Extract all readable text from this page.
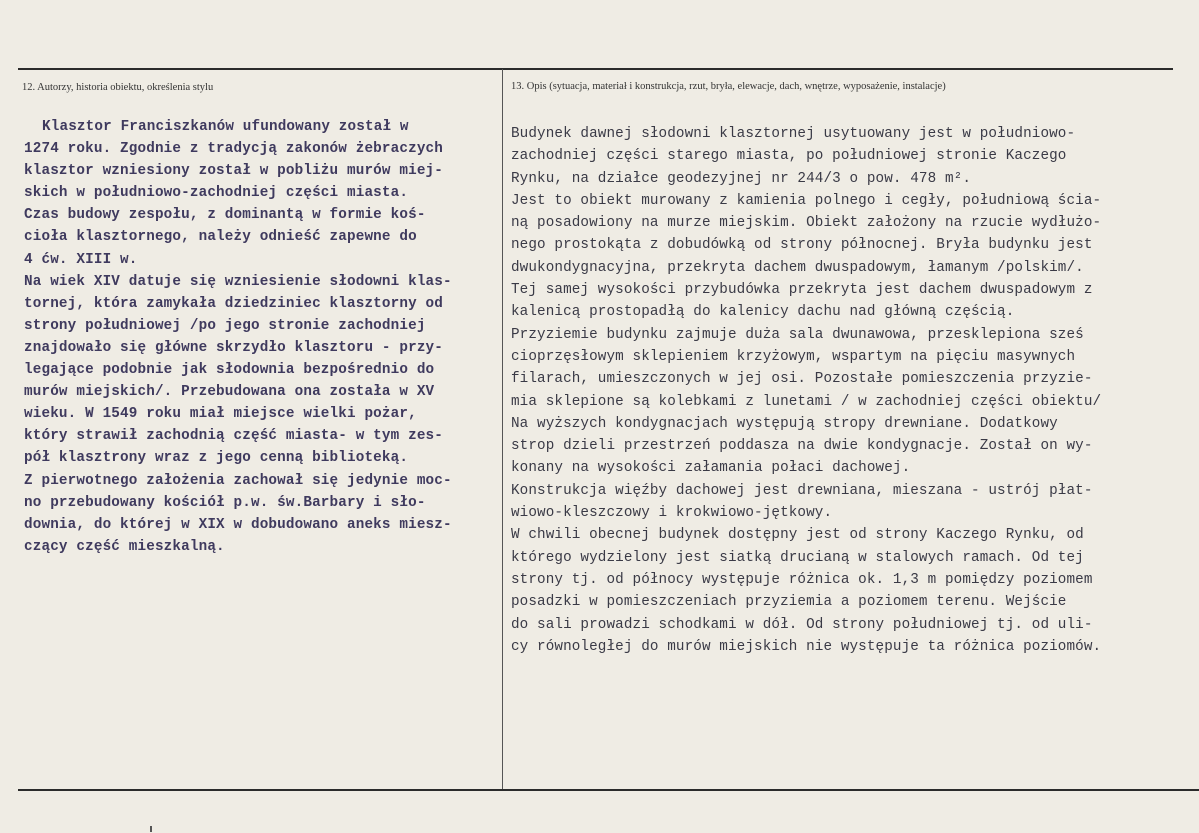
12. Autorzy, historia obiektu, określenia stylu	13. Opis (sytuacja, materiał i konstrukcja, rzut, bryła, elewacje, dach, wnętrze, wyposażenie, instalacje)
Klasztor Franciszkanów ufundowany został w
1274 roku. Zgodnie z tradycją zakonów żebraczych
klasztor wzniesiony został w pobliżu murów miej-
skich w południowo-zachodniej części miasta.
Czas budowy zespołu, z dominantą w formie koś-
cioła klasztornego, należy odnieść zapewne do
4 ćw. XIII w.
Na wiek XIV datuje się wzniesienie słodowni klas-
tornej, która zamykała dziedziniec klasztorny od
strony południowej /po jego stronie zachodniej
znajdowało się główne skrzydło klasztoru - przy-
legające podobnie jak słodownia bezpośrednio do
murów miejskich/. Przebudowana ona została w XV
wieku. W 1549 roku miał miejsce wielki pożar,
który strawił zachodnią część miasta- w tym zes-
pół klasztrony wraz z jego cenną biblioteką.
Z pierwotnego założenia zachował się jedynie moc-
no przebudowany kościół p.w. św.Barbary i sło-
downia, do której w XIX w dobudowano aneks miesz-
czący część mieszkalną.
Budynek dawnej słodowni klasztornej usytuowany jest w południowo-
zachodniej części starego miasta, po południowej stronie Kaczego
Rynku, na działce geodezyjnej nr 244/3 o pow. 478 m².
Jest to obiekt murowany z kamienia polnego i cegły, południową ścia-
ną posadowiony na murze miejskim. Obiekt założony na rzucie wydłużo-
nego prostokąta z dobudówką od strony północnej. Bryła budynku jest
dwukondygnacyjna, przekryta dachem dwuspadowym, łamanym /polskim/.
Tej samej wysokości przybudówka przekryta jest dachem dwuspadowym z
kalenicą prostopadłą do kalenicy dachu nad główną częścią.
Przyziemie budynku zajmuje duża sala dwunawowa, przesklepiona sześ
cioprzęsłowym sklepieniem krzyżowym, wspartym na pięciu masywnych
filarach, umieszczonych w jej osi. Pozostałe pomieszczenia przyzie-
mia sklepione są kolebkami z lunetami / w zachodniej części obiektu/
Na wyższych kondygnacjach występują stropy drewniane. Dodatkowy
strop dzieli przestrzeń poddasza na dwie kondygnacje. Został on wy-
konany na wysokości załamania połaci dachowej.
Konstrukcja więźby dachowej jest drewniana, mieszana - ustrój płat-
wiowo-kleszczowy i krokwiowo-jętkowy.
W chwili obecnej budynek dostępny jest od strony Kaczego Rynku, od
którego wydzielony jest siatką drucianą w stalowych ramach. Od tej
strony tj. od północy występuje różnica ok. 1,3 m pomiędzy poziomem
posadzki w pomieszczeniach przyziemia a poziomem terenu. Wejście
do sali prowadzi schodkami w dół. Od strony południowej tj. od uli-
cy równoległej do murów miejskich nie występuje ta różnica poziomów.
